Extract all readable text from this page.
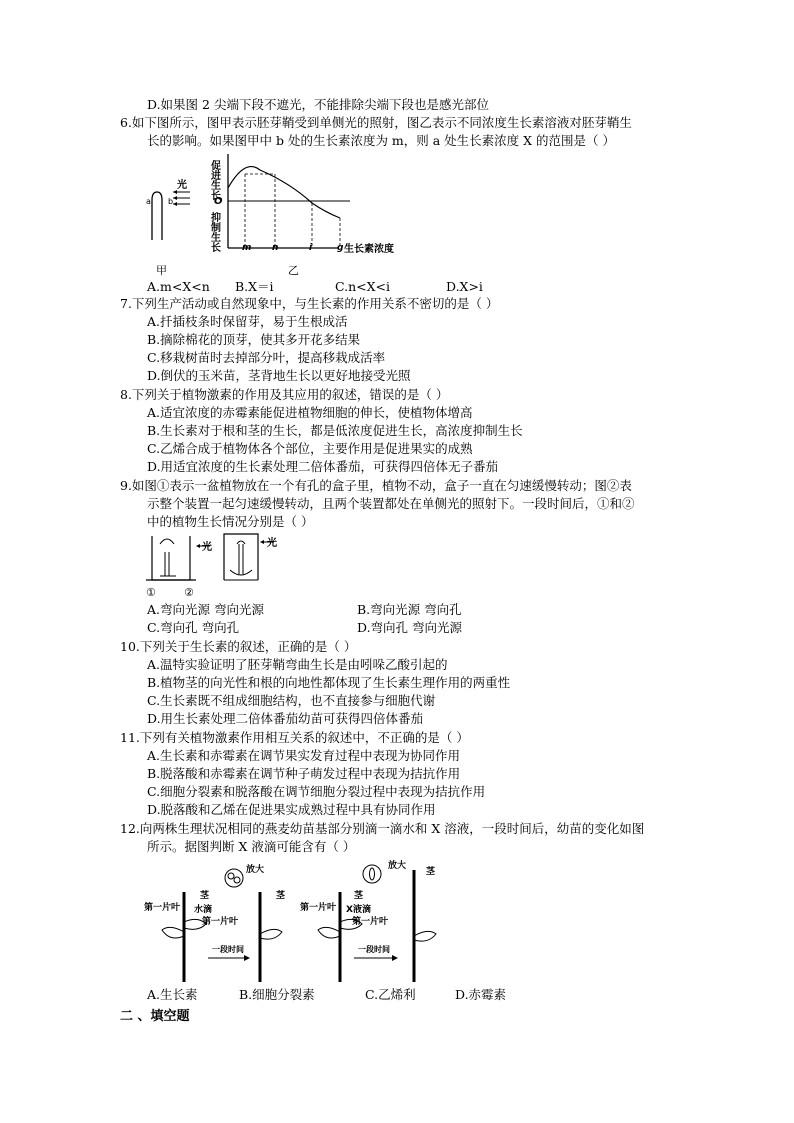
D.如果图 2 尖端下段不遮光，不能排除尖端下段也是感光部位
6.如下图所示，图甲表示胚芽鞘受到单侧光的照射，图乙表示不同浓度生长素溶液对胚芽鞘生
长的影响。如果图甲中 b 处的生长素浓度为 m，则 a 处生长素浓度 X 的范围是（ ）
a b
光 促进生长
O
抑制生长	m n	i	g 生长素浓度
甲	乙
A.m<X<n B.X＝i	C.n<X<i	D.X>i
7.下列生产活动或自然现象中，与生长素的作用关系不密切的是（ ）
A.扦插枝条时保留芽，易于生根成活
B.摘除棉花的顶芽，使其多开花多结果
C.移栽树苗时去掉部分叶，提高移栽成活率
D.倒伏的玉米苗，茎背地生长以更好地接受光照
8.下列关于植物激素的作用及其应用的叙述，错误的是（ ）
A.适宜浓度的赤霉素能促进植物细胞的伸长，使植物体增高
B.生长素对于根和茎的生长，都是低浓度促进生长，高浓度抑制生长
C.乙烯合成于植物体各个部位，主要作用是促进果实的成熟
D.用适宜浓度的生长素处理二倍体番茄，可获得四倍体无子番茄
9.如图①表示一盆植物放在一个有孔的盒子里，植物不动，盒子一直在匀速缓慢转动；图②表
示整个装置一起匀速缓慢转动，且两个装置都处在单侧光的照射下。一段时间后，①和②
中的植物生长情况分别是（ ）
光	光
①	②
A.弯向光源 弯向光源	B.弯向光源 弯向孔
C.弯向孔 弯向孔	D.弯向孔 弯向光源
10.下列关于生长素的叙述，正确的是（ ）
A.温特实验证明了胚芽鞘弯曲生长是由吲哚乙酸引起的
B.植物茎的向光性和根的向地性都体现了生长素生理作用的两重性
C.生长素既不组成细胞结构，也不直接参与细胞代谢
D.用生长素处理二倍体番茄幼苗可获得四倍体番茄
11.下列有关植物激素作用相互关系的叙述中，不正确的是（ ）
A.生长素和赤霉素在调节果实发育过程中表现为协同作用
B.脱落酸和赤霉素在调节种子萌发过程中表现为拮抗作用
C.细胞分裂素和脱落酸在调节细胞分裂过程中表现为拮抗作用
D.脱落酸和乙烯在促进果实成熟过程中具有协同作用
12.向两株生理状况相同的燕麦幼苗基部分别滴一滴水和 X 溶液，一段时间后，幼苗的变化如图
所示。据图判断 X 液滴可能含有（ ）
一段时间
放大
茎	茎
水滴
第一片叶
第一片叶
一段时间
放大
茎
茎
X液滴
第一片叶
第一片叶
A.生长素	B.细胞分裂素	C.乙烯利	D.赤霉素
二 、填空题
